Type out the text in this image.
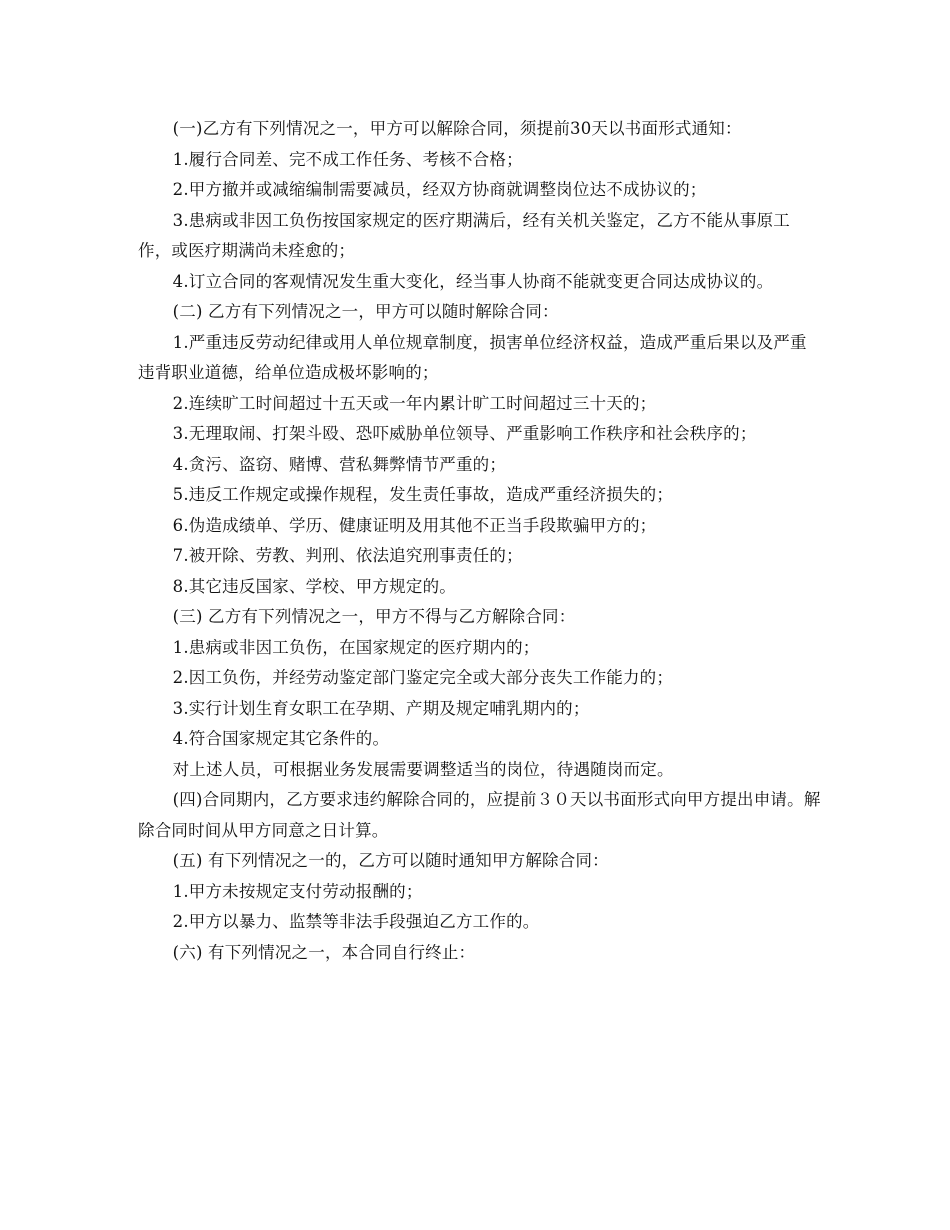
(一)乙方有下列情况之一，甲方可以解除合同，须提前30天以书面形式通知：

1.履行合同差、完不成工作任务、考核不合格；

2.甲方撤并或减缩编制需要减员，经双方协商就调整岗位达不成协议的；

3.患病或非因工负伤按国家规定的医疗期满后，经有关机关鉴定，乙方不能从事原工作，或医疗期满尚未痊愈的；

4.订立合同的客观情况发生重大变化，经当事人协商不能就变更合同达成协议的。

(二) 乙方有下列情况之一，甲方可以随时解除合同：

1.严重违反劳动纪律或用人单位规章制度，损害单位经济权益，造成严重后果以及严重违背职业道德，给单位造成极坏影响的；

2.连续旷工时间超过十五天或一年内累计旷工时间超过三十天的；

3.无理取闹、打架斗殴、恐吓威胁单位领导、严重影响工作秩序和社会秩序的；

4.贪污、盗窃、赌博、营私舞弊情节严重的；

5.违反工作规定或操作规程，发生责任事故，造成严重经济损失的；

6.伪造成绩单、学历、健康证明及用其他不正当手段欺骗甲方的；

7.被开除、劳教、判刑、依法追究刑事责任的；

8.其它违反国家、学校、甲方规定的。

(三) 乙方有下列情况之一，甲方不得与乙方解除合同：

1.患病或非因工负伤，在国家规定的医疗期内的；

2.因工负伤，并经劳动鉴定部门鉴定完全或大部分丧失工作能力的；

3.实行计划生育女职工在孕期、产期及规定哺乳期内的；

4.符合国家规定其它条件的。

对上述人员，可根据业务发展需要调整适当的岗位，待遇随岗而定。

(四)合同期内，乙方要求违约解除合同的，应提前３０天以书面形式向甲方提出申请。解除合同时间从甲方同意之日计算。

(五) 有下列情况之一的，乙方可以随时通知甲方解除合同：

1.甲方未按规定支付劳动报酬的；

2.甲方以暴力、监禁等非法手段强迫乙方工作的。

(六) 有下列情况之一，本合同自行终止：
